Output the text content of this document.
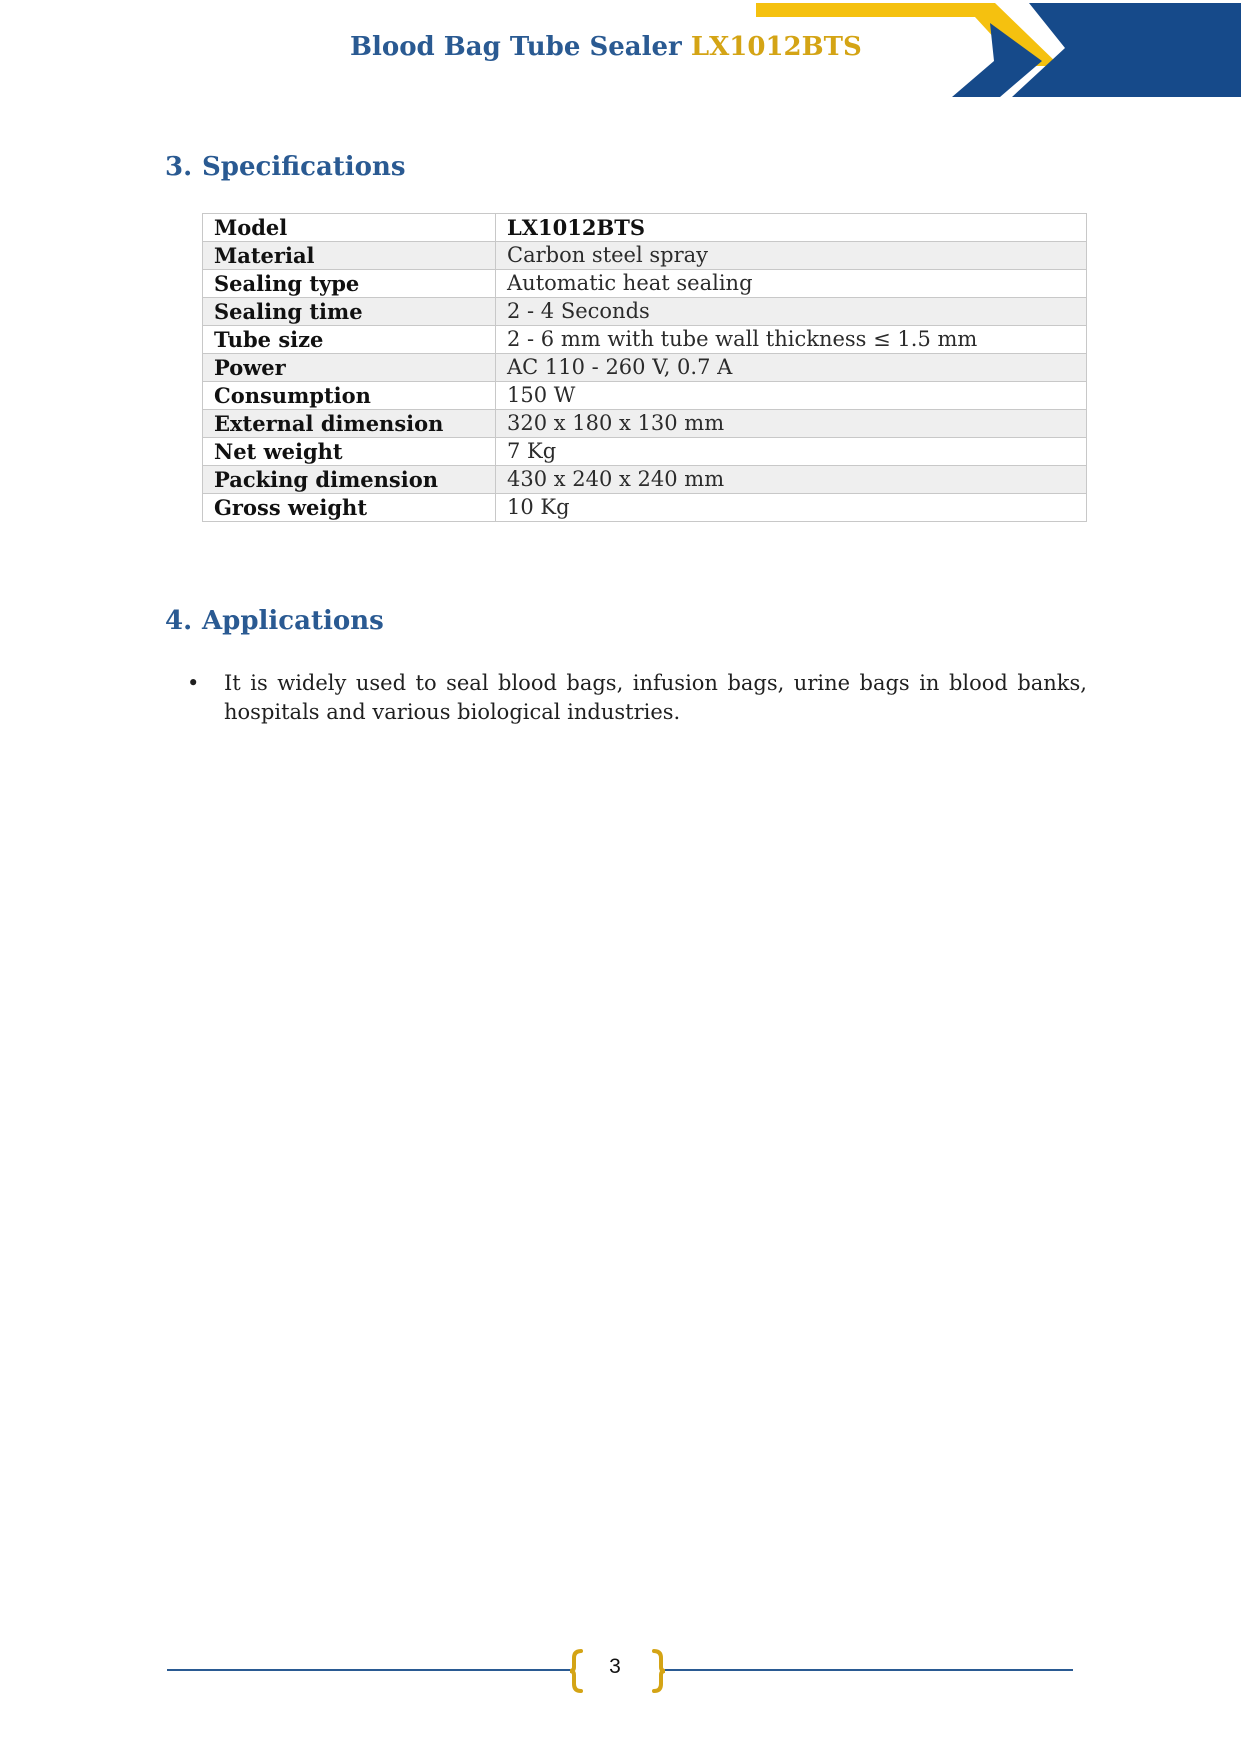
Blood Bag Tube Sealer LX1012BTS
3. Specifications
Model	LX1012BTS
Material	Carbon steel spray
Sealing type	Automatic heat sealing
Sealing time	2 - 4 Seconds
Tube size	2 - 6 mm with tube wall thickness ≤ 1.5 mm
Power	AC 110 - 260 V, 0.7 A
Consumption	150 W
External dimension	320 x 180 x 130 mm
Net weight	7 Kg
Packing dimension	430 x 240 x 240 mm
Gross weight	10 Kg
4. Applications
•	It is widely used to seal blood bags, infusion bags, urine bags in blood banks, hospitals and various biological industries.
3
